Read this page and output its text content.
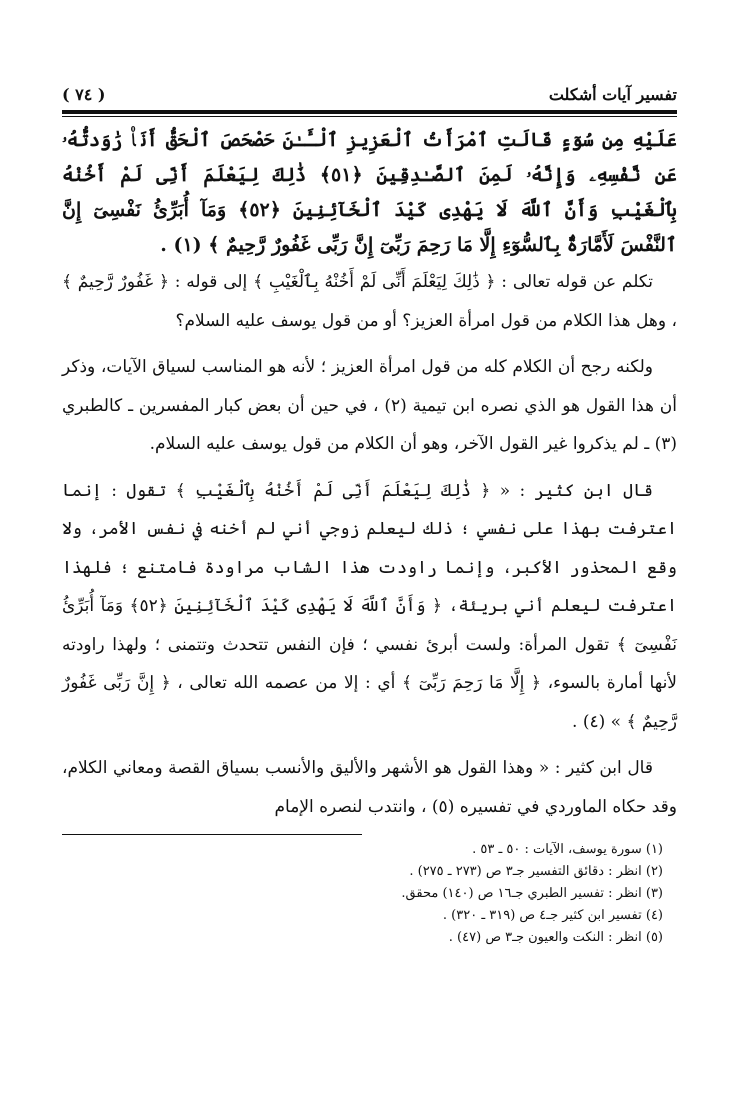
تفسير آيات أشكلت
( ٧٤ )

عَلَيْهِ مِن سُوٓءٍ قَالَتِ ٱمْرَأَتُ ٱلْعَزِيزِ ٱلْـَٔـٰنَ حَصْحَصَ ٱلْحَقُّ أَنَا۠ رَٰوَدتُّهُۥ عَن نَّفْسِهِۦ وَإِنَّهُۥ لَمِنَ ٱلصَّـٰدِقِينَ ﴿٥١﴾ ذَٰلِكَ لِيَعْلَمَ أَنِّى لَمْ أَخُنْهُ بِٱلْغَيْبِ وَأَنَّ ٱللَّهَ لَا يَهْدِى كَيْدَ ٱلْخَآئِنِينَ ﴿٥٢﴾ وَمَآ أُبَرِّئُ نَفْسِىٓ إِنَّ ٱلنَّفْسَ لَأَمَّارَةٌۢ بِٱلسُّوٓءِ إِلَّا مَا رَحِمَ رَبِّىٓ إِنَّ رَبِّى غَفُورٌ رَّحِيمٌ ﴾ (١) .

تكلم عن قوله تعالى : ﴿ ذَٰلِكَ لِيَعْلَمَ أَنِّى لَمْ أَخُنْهُ بِٱلْغَيْبِ ﴾ إلى قوله : ﴿ غَفُورٌ رَّحِيمٌ ﴾ ، وهل هذا الكلام من قول امرأة العزيز؟ أو من قول يوسف عليه السلام؟

ولكنه رجح أن الكلام كله من قول امرأة العزيز ؛ لأنه هو المناسب لسياق الآيات، وذكر أن هذا القول هو الذي نصره ابن تيمية (٢) ، في حين أن بعض كبار المفسرين ـ كالطبري (٣) ـ لم يذكروا غير القول الآخر، وهو أن الكلام من قول يوسف عليه السلام.

قال ابن كثير : « ﴿ ذَٰلِكَ لِيَعْلَمَ أَنِّى لَمْ أَخُنْهُ بِٱلْغَيْبِ ﴾ تقول : إنما اعترفت بهذا على نفسي ؛ ذلك ليعلم زوجي أني لم أخنه في نفس الأمر، ولا وقع المحذور الأكبر، وإنما راودت هذا الشاب مراودة فامتنع ؛ فلهذا اعترفت ليعلم أني بريئة، ﴿ وَأَنَّ ٱللَّهَ لَا يَهْدِى كَيْدَ ٱلْخَآئِنِينَ ﴿٥٢﴾ وَمَآ أُبَرِّئُ نَفْسِىٓ ﴾ تقول المرأة: ولست أبرئ نفسي ؛ فإن النفس تتحدث وتتمنى ؛ ولهذا راودته لأنها أمارة بالسوء، ﴿ إِلَّا مَا رَحِمَ رَبِّىٓ ﴾ أي : إلا من عصمه الله تعالى ، ﴿ إِنَّ رَبِّى غَفُورٌ رَّحِيمٌ ﴾ » (٤) .

قال ابن كثير : « وهذا القول هو الأشهر والأليق والأنسب بسياق القصة ومعاني الكلام، وقد حكاه الماوردي في تفسيره (٥) ، وانتدب لنصره الإمام

(١) سورة يوسف، الآيات : ٥٠ ـ ٥٣ .

(٢) انظر : دقائق التفسير جـ٣ ص (٢٧٣ ـ ٢٧٥) .

(٣) انظر : تفسير الطبري جـ١٦ ص (١٤٠) محقق.

(٤) تفسير ابن كثير جـ٤ ص (٣١٩ ـ ٣٢٠) .

(٥) انظر : النكت والعيون جـ٣ ص (٤٧) .
